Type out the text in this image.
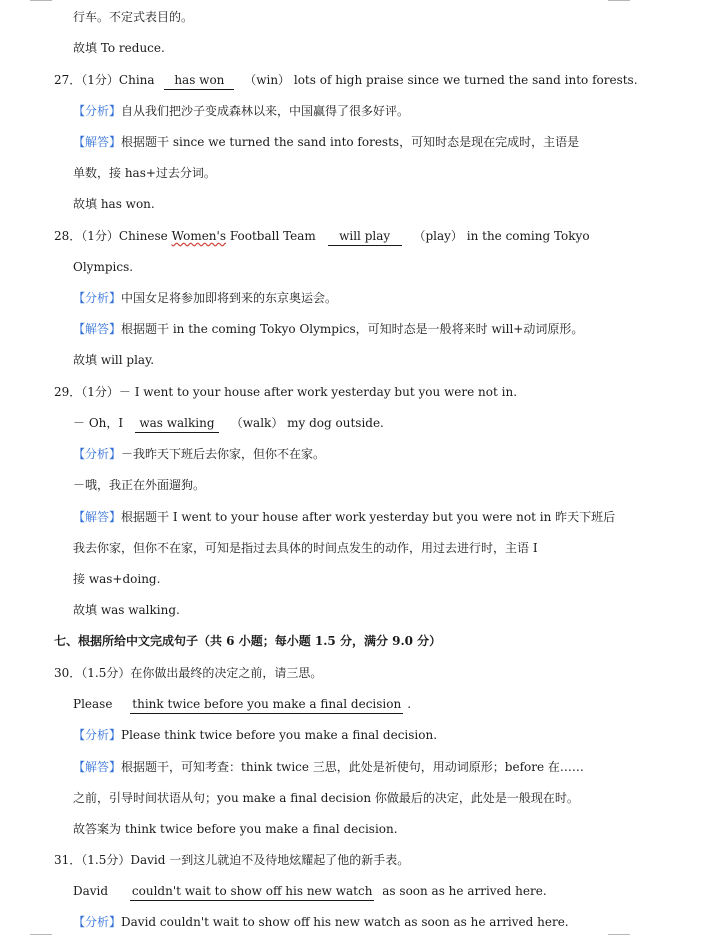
行车。不定式表目的。
故填 To reduce.
27．（1分）China has won （win） lots of high praise since we turned the sand into forests.
【分析】自从我们把沙子变成森林以来，中国赢得了很多好评。
【解答】根据题干 since we turned the sand into forests，可知时态是现在完成时，主语是
单数，接 has+过去分词。
故填 has won.
28．（1分）Chinese Women's Football Team will play （play） in the coming Tokyo
Olympics.
【分析】中国女足将参加即将到来的东京奥运会。
【解答】根据题干 in the coming Tokyo Olympics，可知时态是一般将来时 will+动词原形。
故填 will play.
29．（1分）－ I went to your house after work yesterday but you were not in.
－ Oh，I was walking （walk） my dog outside.
【分析】－我昨天下班后去你家，但你不在家。
－哦，我正在外面遛狗。
【解答】根据题干 I went to your house after work yesterday but you were not in 昨天下班后
我去你家，但你不在家，可知是指过去具体的时间点发生的动作，用过去进行时，主语 I
接 was+doing.
故填 was walking.
七、根据所给中文完成句子（共 6 小题；每小题 1.5 分，满分 9.0 分）
30．（1.5分）在你做出最终的决定之前，请三思。
Please think twice before you make a final decision .
【分析】Please think twice before you make a final decision.
【解答】根据题干，可知考查：think twice 三思，此处是祈使句，用动词原形；before 在……
之前，引导时间状语从句；you make a final decision 你做最后的决定，此处是一般现在时。
故答案为 think twice before you make a final decision.
31．（1.5分）David 一到这儿就迫不及待地炫耀起了他的新手表。
David couldn't wait to show off his new watch as soon as he arrived here.
【分析】David couldn't wait to show off his new watch as soon as he arrived here.
